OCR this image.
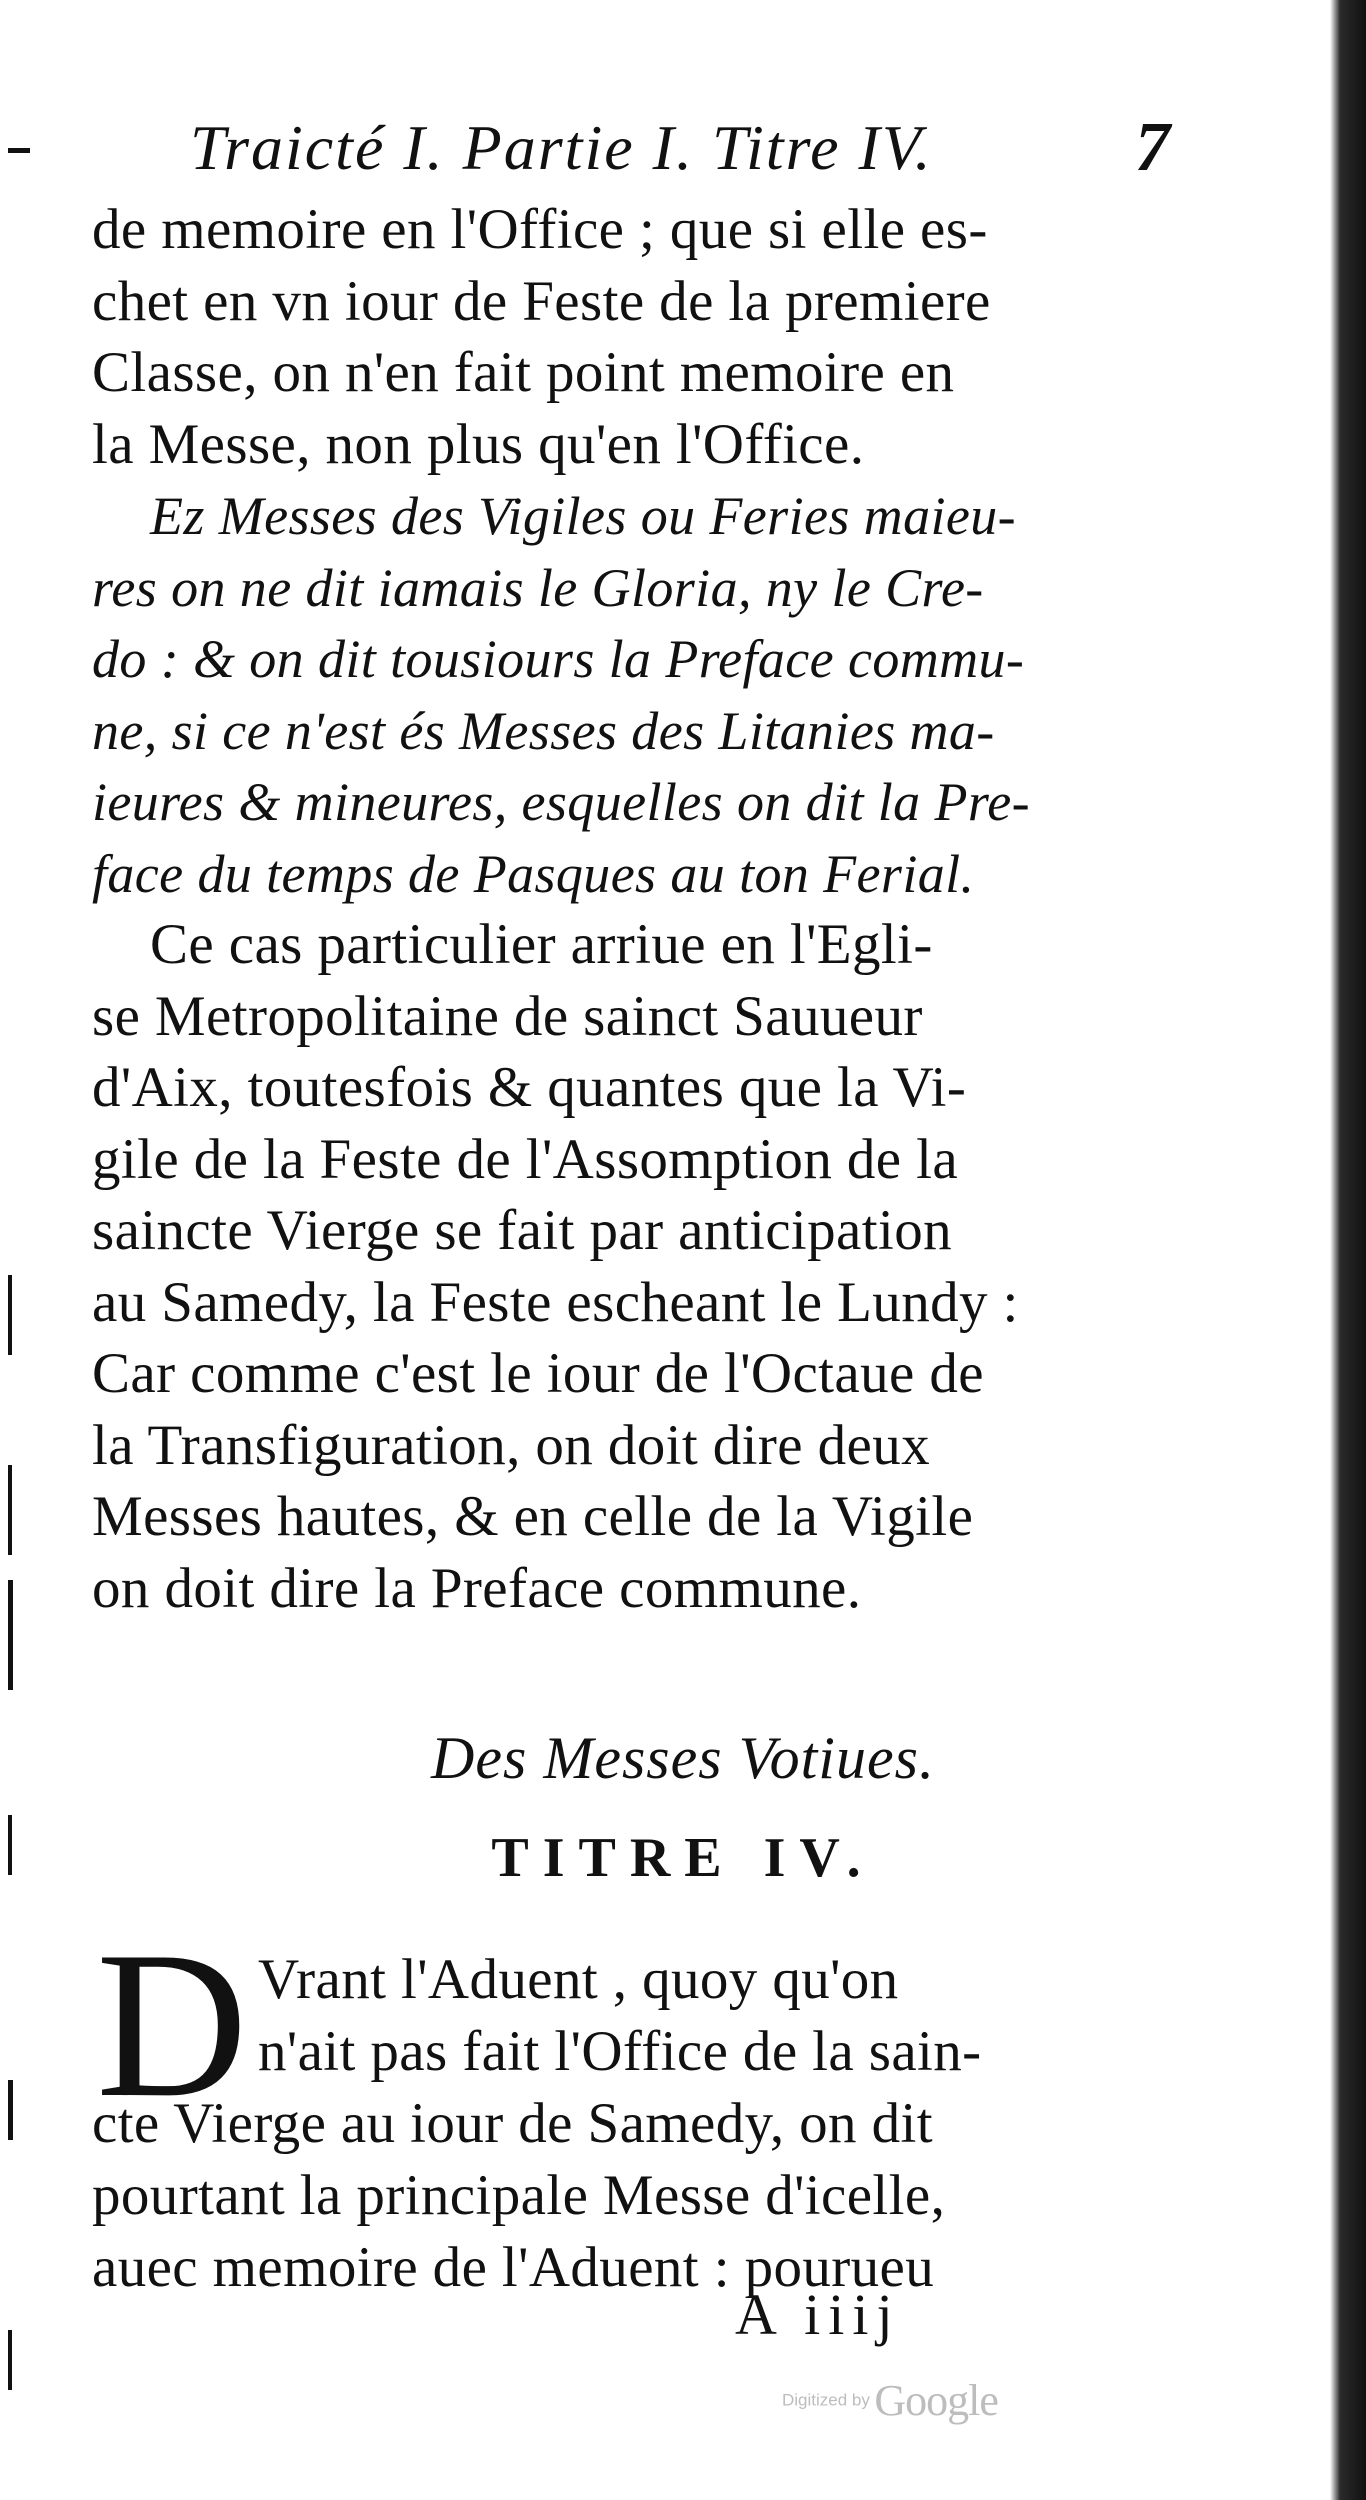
Traicté I. Partie I. Titre IV.	7
de memoire en l'Office ; que si elle es-
chet en vn iour de Feste de la premiere
Classe, on n'en fait point memoire en
la Messe, non plus qu'en l'Office.
Ez Messes des Vigiles ou Feries maieu-
res on ne dit iamais le Gloria, ny le Cre-
do : & on dit tousiours la Preface commu-
ne, si ce n'est és Messes des Litanies ma-
ieures & mineures, esquelles on dit la Pre-
face du temps de Pasques au ton Ferial.
Ce cas particulier arriue en l'Egli-
se Metropolitaine de sainct Sauueur
d'Aix, toutesfois & quantes que la Vi-
gile de la Feste de l'Assomption de la
saincte Vierge se fait par anticipation
au Samedy, la Feste escheant le Lundy :
Car comme c'est le iour de l'Octaue de
la Transfiguration, on doit dire deux
Messes hautes, & en celle de la Vigile
on doit dire la Preface commune.
Des Messes Votiues.
TITRE IV.
D Vrant l'Aduent , quoy qu'on
n'ait pas fait l'Office de la sain-
cte Vierge au iour de Samedy, on dit
pourtant la principale Messe d'icelle,
auec memoire de l'Aduent : pourueu
A iiij
Digitized by Google
